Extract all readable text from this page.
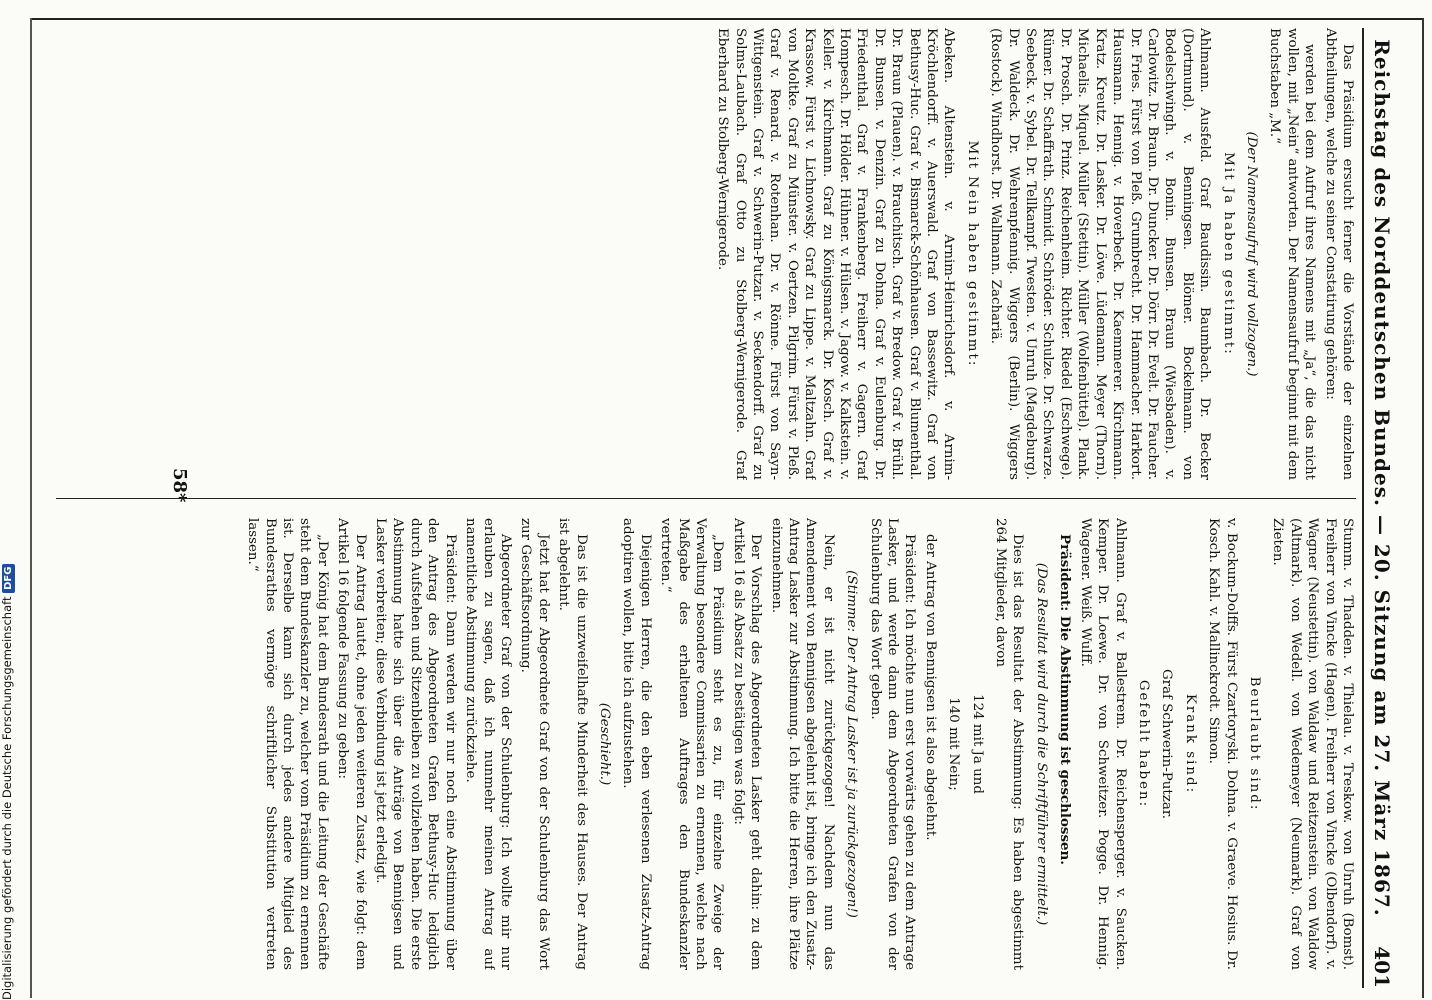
Digitalisierung gefördert durch die Deutsche Forschungsgemeinschaft DFG	Reichstag des Norddeutschen Bundes. — 20. Sitzung am 27. März 1867.
401

Das Präsidium ersucht ferner die Vorstände der einzelnen Abtheilungen, welche zu seiner Constatirung gehören:

werden bei dem Aufruf ihres Namens mit „Ja“, die das nicht wollen, mit „Nein“ antworten. Der Namensaufruf beginnt mit dem Buchstaben „M.“

(Der Namensaufruf wird vollzogen.)

Mit Ja haben gestimmt:

Ahlmann. Ausfeld. Graf Baudissin. Baumbach. Dr. Becker (Dortmund). v. Benningsen. Blömer. Bockelmann. von Bodelschwingh. v. Bonin. Bunsen. Braun (Wiesbaden). v. Carlowitz. Dr. Braun. Dr. Duncker. Dr. Dörr. Dr. Evelt. Dr. Faucher. Dr. Fries. Fürst von Pleß. Grumbrecht. Dr. Hammacher. Harkort. Hausmann. Hennig. v. Hoverbeck. Dr. Kaemmerer. Kirchmann. Kratz. Kreutz. Dr. Lasker. Dr. Löwe. Lüdemann. Meyer (Thorn). Michaelis. Miquel. Müller (Stettin). Müller (Wolfenbüttel). Plank. Dr. Prosch. Dr. Prinz. Reichenheim. Richter. Riedel (Eschwege). Rümer. Dr. Schaffrath. Schmidt. Schröder. Schulze. Dr. Schwarze. Seebeck. v. Sybel. Dr. Tellkampf. Twesten. v. Unruh (Magdeburg). Dr. Waldeck. Dr. Wehrenpfennig. Wiggers (Berlin). Wiggers (Rostock). Windhorst. Dr. Wallmann. Zachariä.

Mit Nein haben gestimmt:

Abeken. Altenstein. v. Arnim-Heinrichsdorf. v. Arnim-Kröchlendorff. v. Auerswald. Graf von Bassewitz. Graf von Bethusy-Huc. Graf v. Bismarck-Schönhausen. Graf v. Blumenthal. Dr. Braun (Plauen). v. Brauchitsch. Graf v. Bredow. Graf v. Brühl. Dr. Bunsen. v. Denzin. Graf zu Dohna. Graf v. Eulenburg. Dr. Friedenthal. Graf v. Frankenberg. Freiherr v. Gagern. Graf Hompesch. Dr. Hölder. Hühner. v. Hülsen. v. Jagow. v. Kalkstein. v. Keller. v. Kirchmann. Graf zu Königsmarck. Dr. Kosch. Graf v. Krassow. Fürst v. Lichnowsky. Graf zu Lippe. v. Maltzahn. Graf von Moltke. Graf zu Münster. v. Oertzen. Pilgrim. Fürst v. Pleß. Graf v. Renard. v. Rotenhan. Dr. v. Rönne. Fürst von Sayn-Wittgenstein. Graf v. Schwerin-Putzar. v. Seckendorff. Graf zu Solms-Laubach. Graf Otto zu Stolberg-Wernigerode. Graf Eberhard zu Stolberg-Wernigerode.

Stumm. v. Thadden. v. Thielau. v. Treskow. von Unruh (Bomst). Freiherr von Vincke (Hagen). Freiherr von Vincke (Olbendorf). v. Wagner (Neustettin). von Waldaw und Reitzenstein. von Waldow (Altmark). von Wedell. von Wedemeyer (Neumark). Graf von Zieten.

Beurlaubt sind:

v. Bockum-Dolffs. Fürst Czartoryski. Dohna. v. Graeve. Hosius. Dr. Kosch. Kahl. v. Mallinckrodt. Simon.

Krank sind:

Graf Schwerin-Putzar.

Gefehlt haben:

Ahlmann. Graf v. Ballestrem. Dr. Reichensperger. v. Saucken. Kemper. Dr. Loewe. Dr. von Schweitzer. Pogge. Dr. Hennig. Wagener. Weiß. Wulff.

Präsident: Die Abstimmung ist geschlossen.

(Das Resultat wird durch die Schriftführer ermittelt.)

Dies ist das Resultat der Abstimmung: Es haben abgestimmt 264 Mitglieder, davon

124 mit Ja und

140 mit Nein;

der Antrag von Bennigsen ist also abgelehnt.

Präsident: Ich möchte nun erst vorwärts gehen zu dem Antrage Lasker, und werde dann dem Abgeordneten Grafen von der Schulenburg das Wort geben.

(Stimme: Der Antrag Lasker ist ja zurückgezogen!)

Nein, er ist nicht zurückgezogen! Nachdem nun das Amendement von Bennigsen abgelehnt ist, bringe ich den Zusatz-Antrag Lasker zur Abstimmung. Ich bitte die Herren, ihre Plätze einzunehmen.

Der Vorschlag des Abgeordneten Lasker geht dahin: zu dem Artikel 16 als Absatz zu bestätigen was folgt:

„Dem Präsidium steht es zu, für einzelne Zweige der Verwaltung besondere Commissarien zu ernennen, welche nach Maßgabe des erhaltenen Auftrages den Bundeskanzler vertreten.“

Diejenigen Herren, die den eben verlesenen Zusatz-Antrag adoptiren wollen, bitte ich aufzustehen.

(Geschieht.)

Das ist die unzweifelhafte Minderheit des Hauses. Der Antrag ist abgelehnt.

Jetzt hat der Abgeordnete Graf von der Schulenburg das Wort zur Geschäftsordnung.

Abgeordneter Graf von der Schulenburg: Ich wollte mir nur erlauben zu sagen, daß ich nunmehr meinen Antrag auf namentliche Abstimmung zurückziehe.

Präsident: Dann werden wir nur noch eine Abstimmung über den Antrag des Abgeordneten Grafen Bethusy-Huc lediglich durch Aufstehen und Sitzenbleiben zu vollziehen haben. Die erste Abstimmung hatte sich über die Anträge von Bennigsen und Lasker verbreiten; diese Verbindung ist jetzt erledigt.

Der Antrag lautet, ohne jeden weiteren Zusatz, wie folgt: dem Artikel 16 folgende Fassung zu geben:

„Der König hat dem Bundesrath und die Leitung der Geschäfte steht dem Bundeskanzler zu, welcher vom Präsidium zu ernennen ist. Derselbe kann sich durch jedes andere Mitglied des Bundesrathes vermöge schriftlicher Substitution vertreten lassen.“

58*
